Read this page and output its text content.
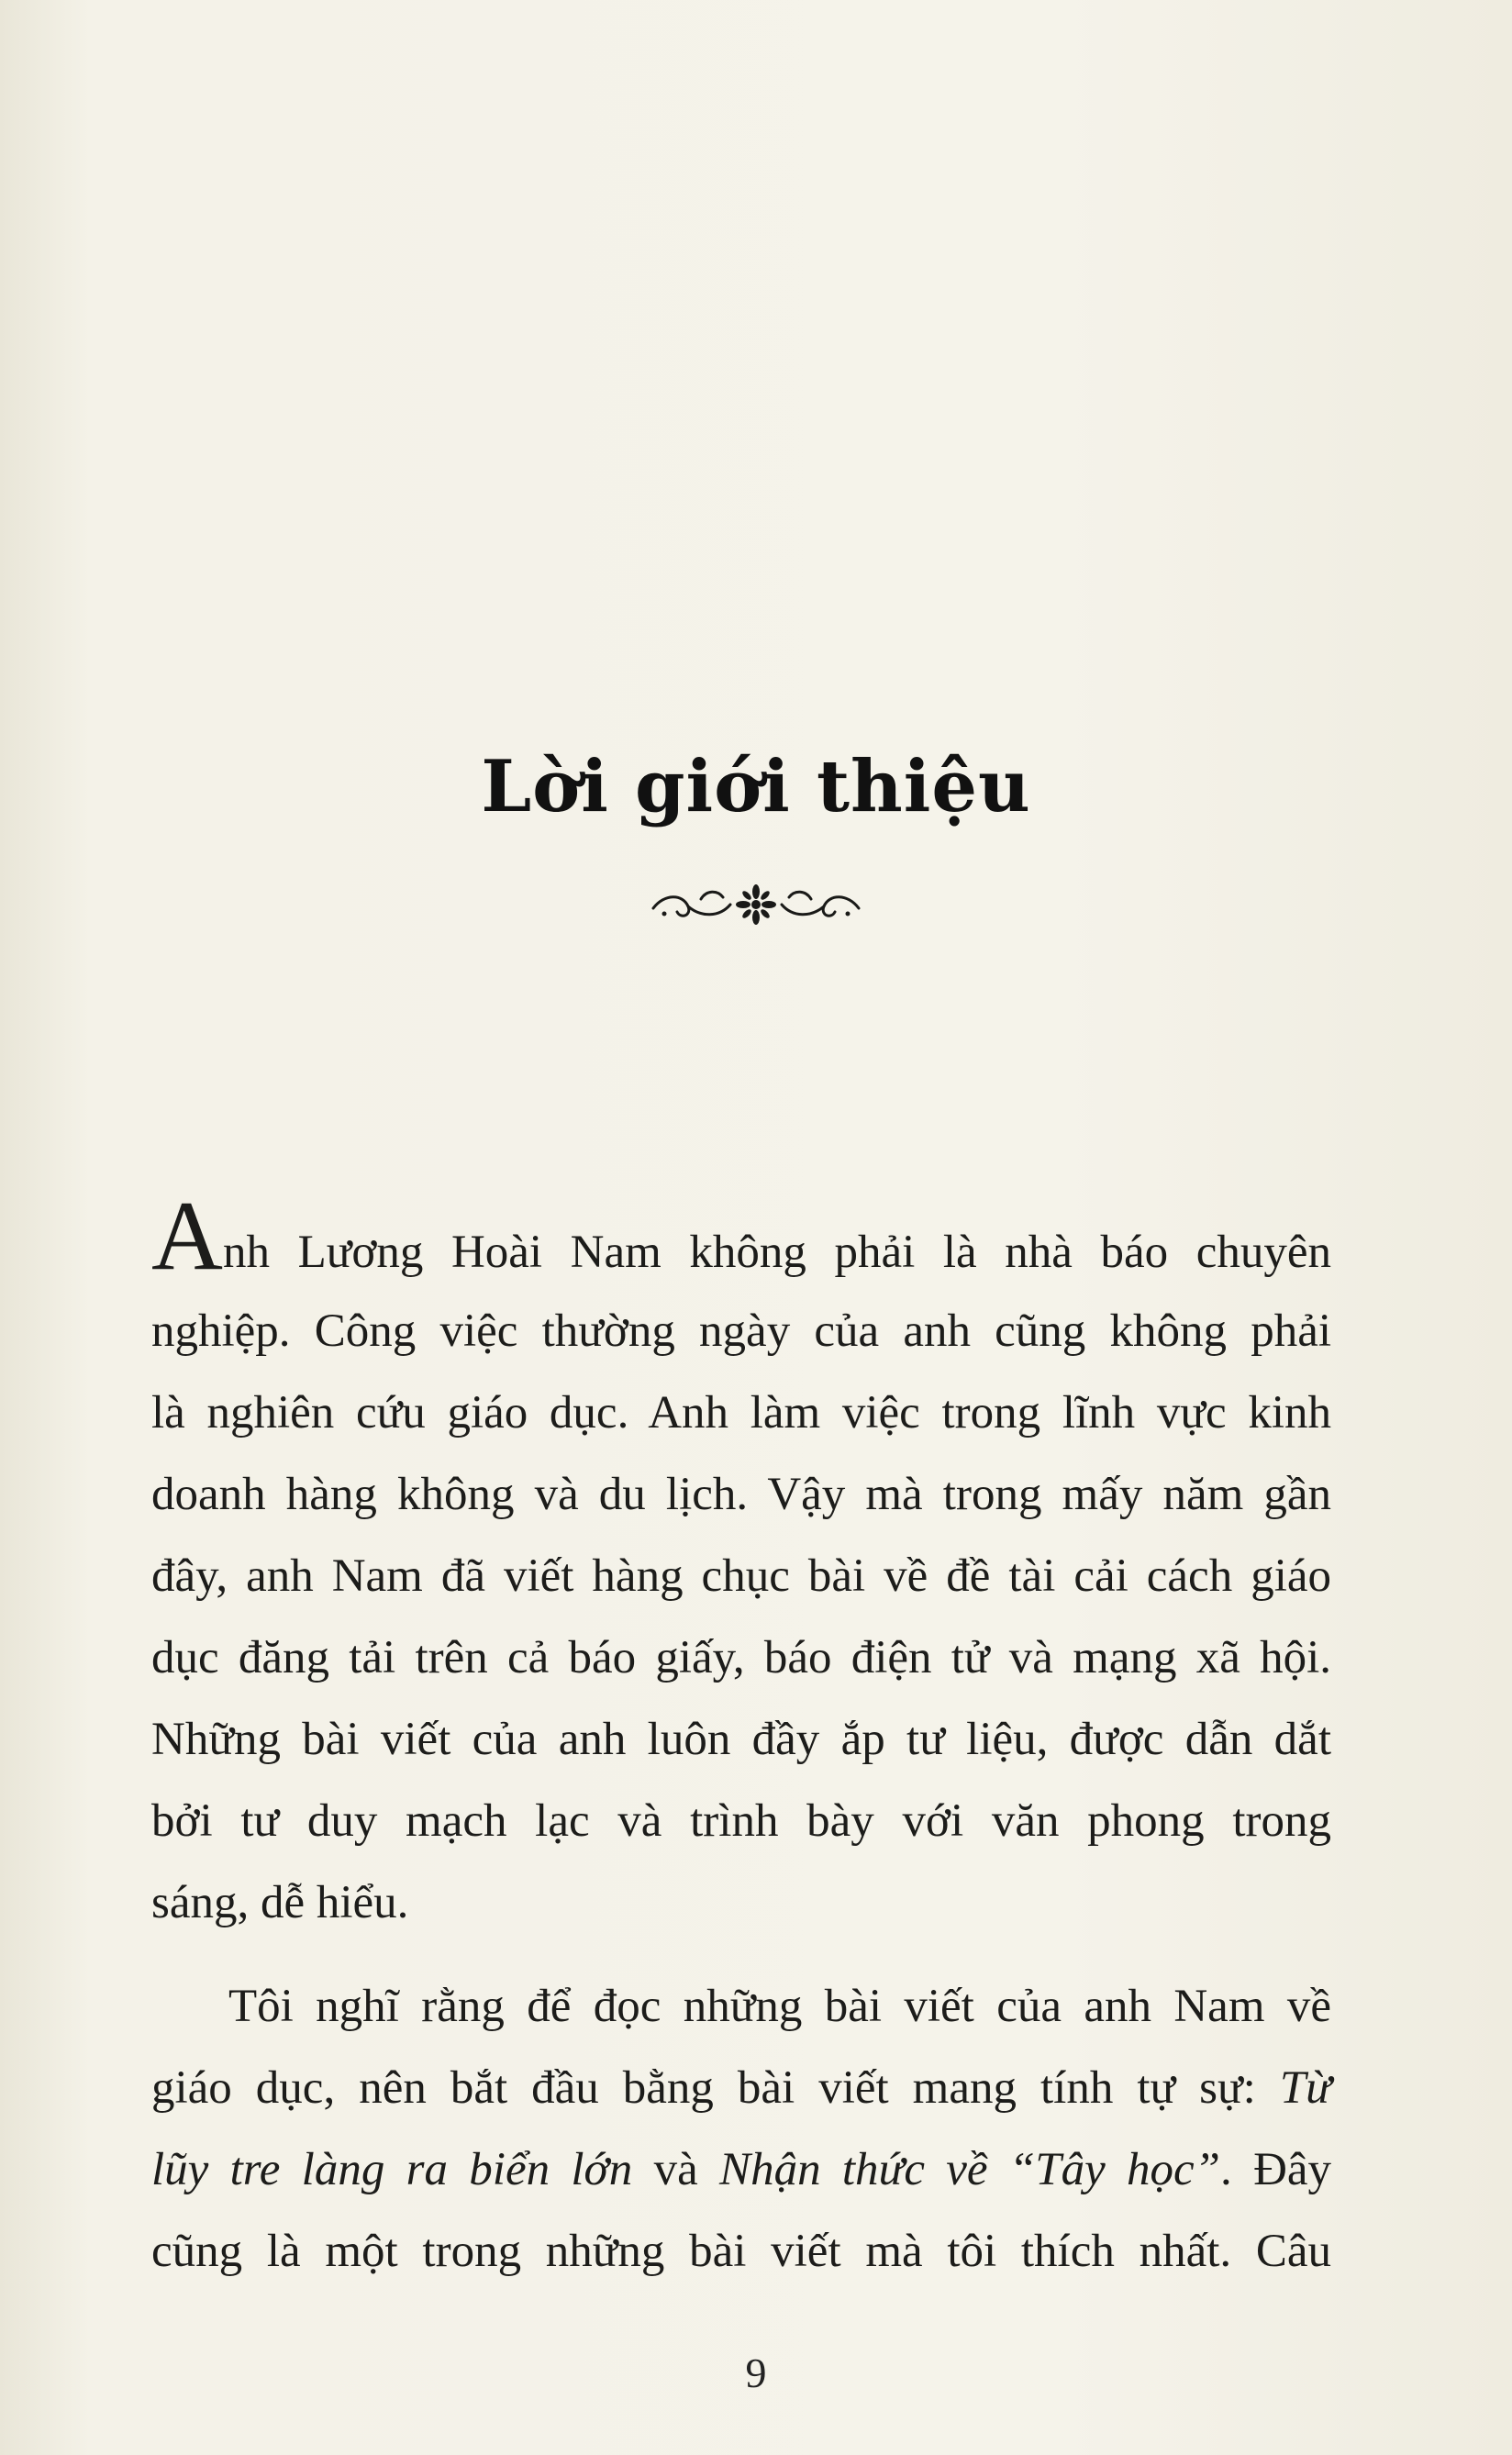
Lời giới thiệu
Anh Lương Hoài Nam không phải là nhà báo chuyên
nghiệp. Công việc thường ngày của anh cũng không phải
là nghiên cứu giáo dục. Anh làm việc trong lĩnh vực kinh
doanh hàng không và du lịch. Vậy mà trong mấy năm gần
đây, anh Nam đã viết hàng chục bài về đề tài cải cách giáo
dục đăng tải trên cả báo giấy, báo điện tử và mạng xã hội.
Những bài viết của anh luôn đầy ắp tư liệu, được dẫn dắt
bởi tư duy mạch lạc và trình bày với văn phong trong
sáng, dễ hiểu.
Tôi nghĩ rằng để đọc những bài viết của anh Nam về
giáo dục, nên bắt đầu bằng bài viết mang tính tự sự: Từ
lũy tre làng ra biển lớn và Nhận thức về “Tây học”. Đây
cũng là một trong những bài viết mà tôi thích nhất. Câu
9
